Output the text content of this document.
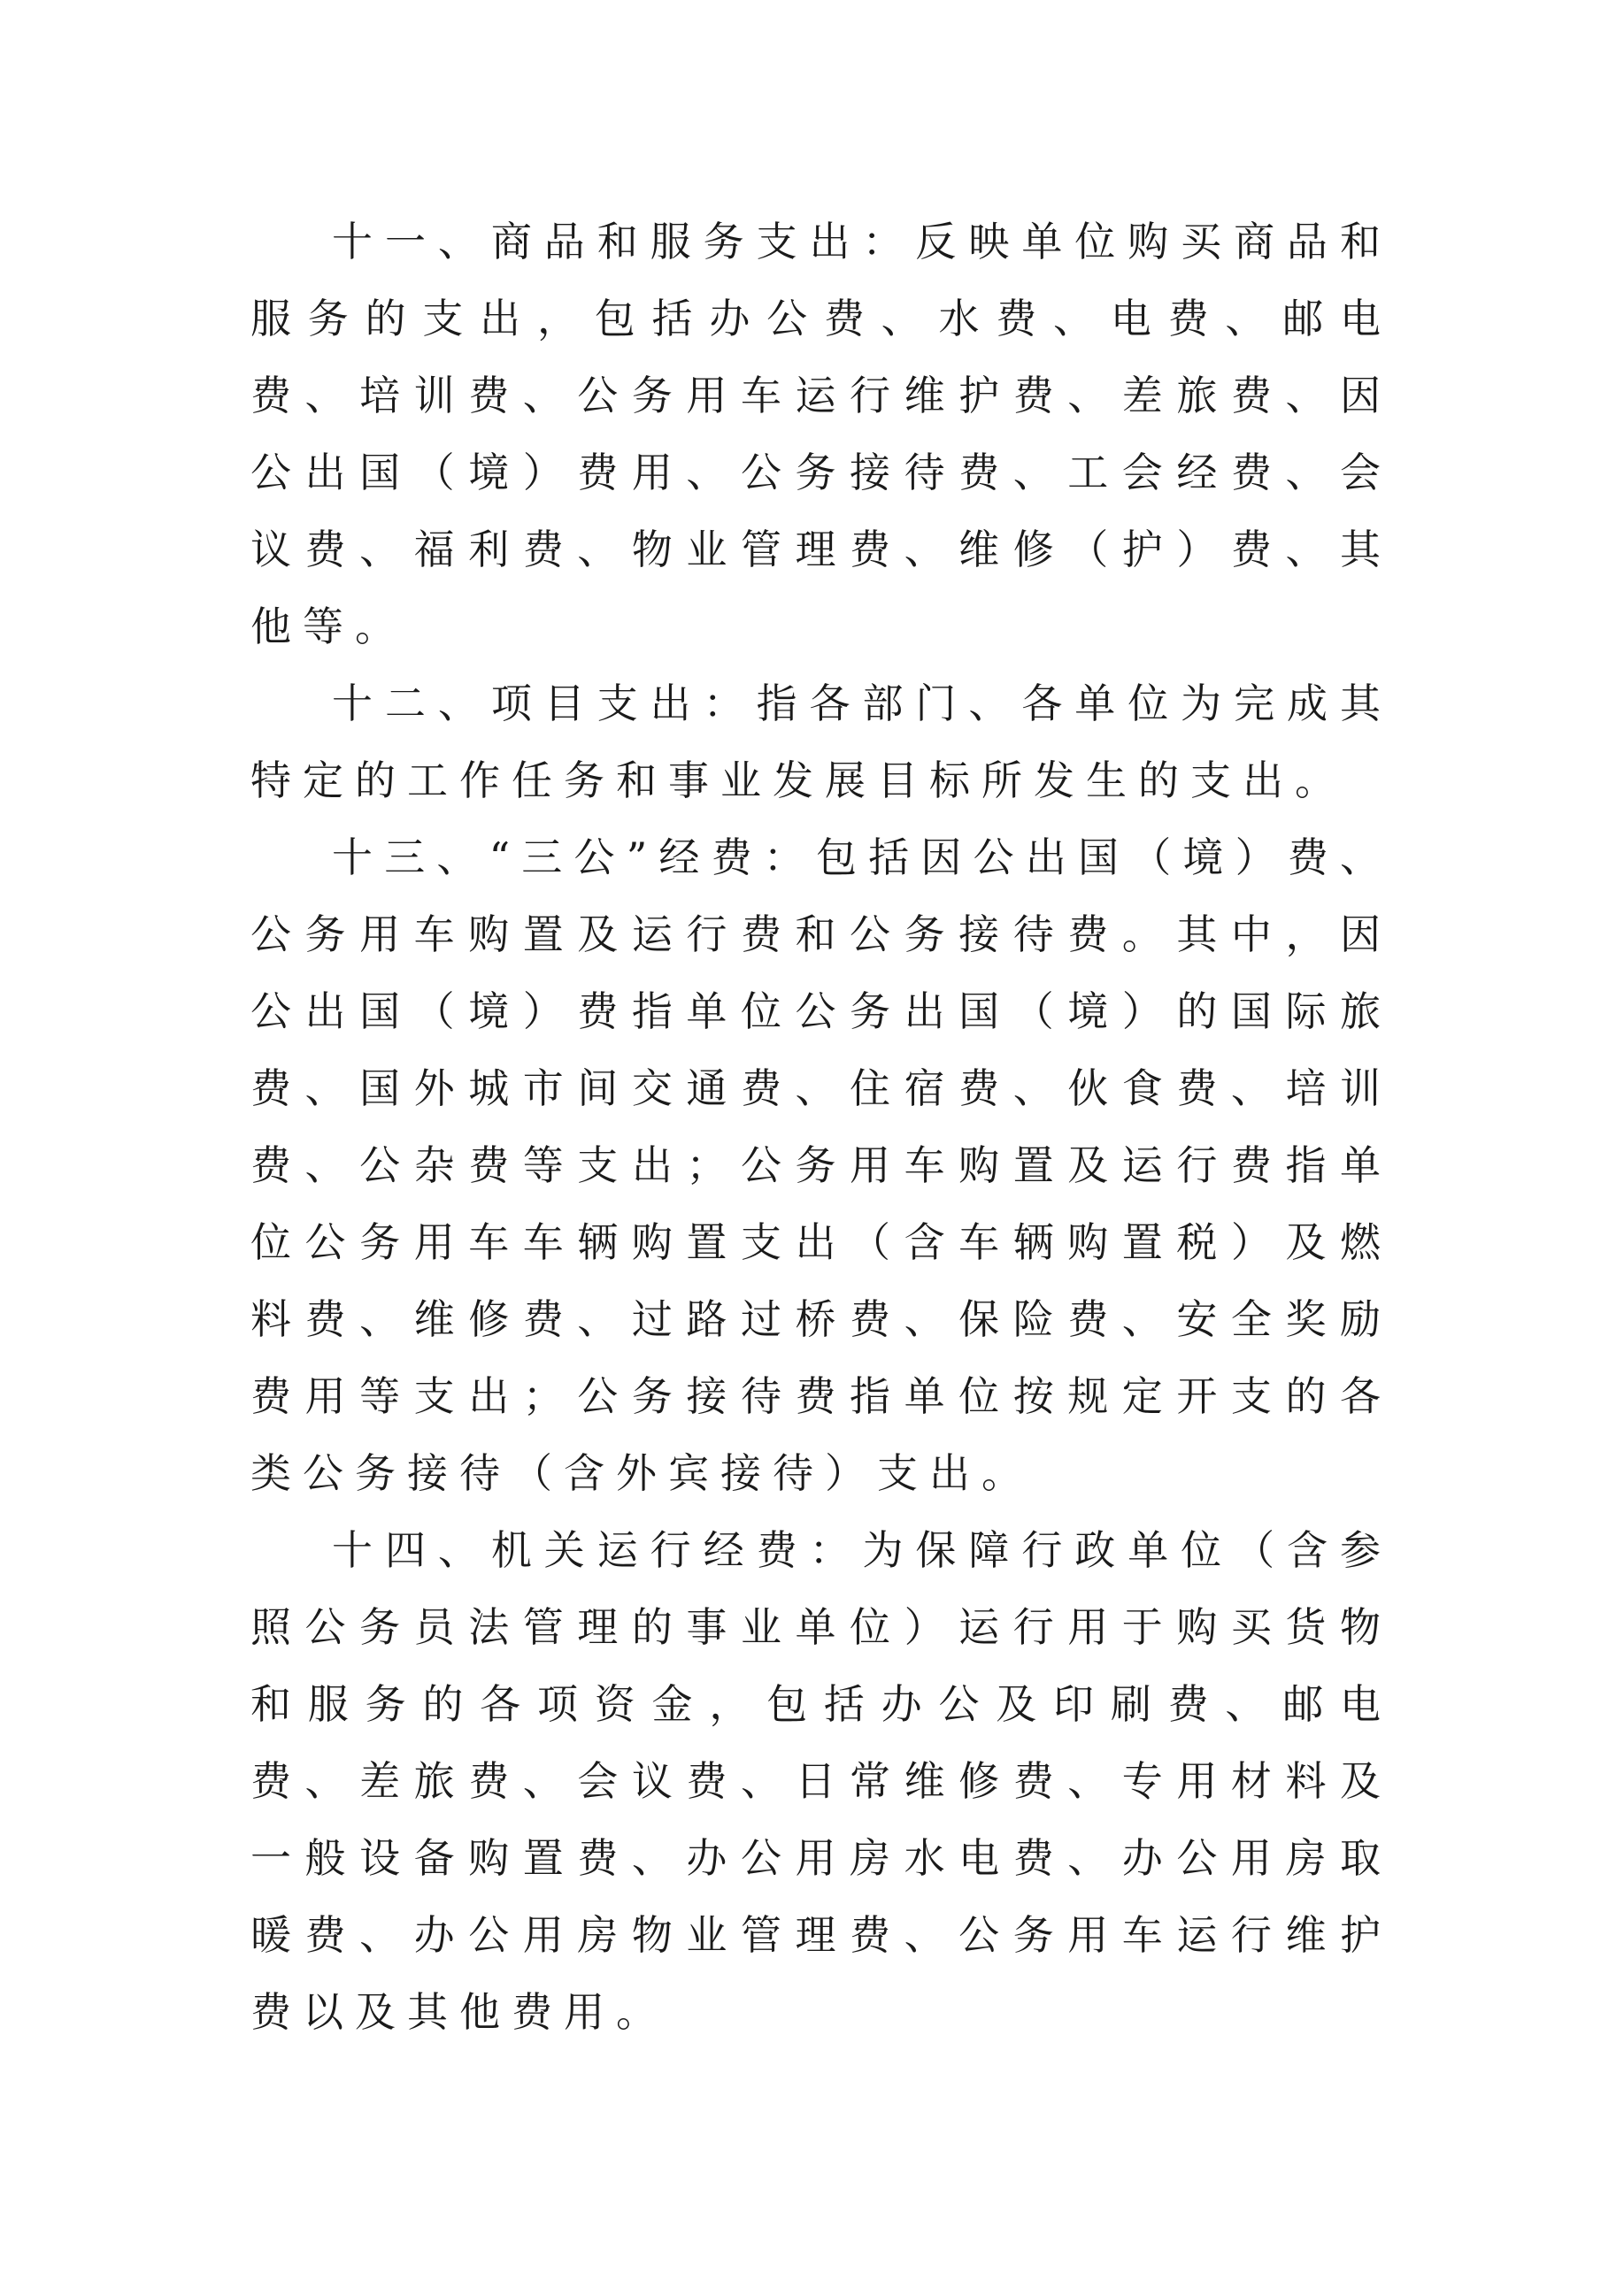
十一、商品和服务支出：反映单位购买商品和服务的支出，包括办公费、水费、电费、邮电费、培训费、公务用车运行维护费、差旅费、因公出国（境）费用、公务接待费、工会经费、会议费、福利费、物业管理费、维修（护）费、其他等。

十二、项目支出：指各部门、各单位为完成其特定的工作任务和事业发展目标所发生的支出。

十三、“三公”经费：包括因公出国（境）费、公务用车购置及运行费和公务接待费。其中，因公出国（境）费指单位公务出国（境）的国际旅费、国外城市间交通费、住宿费、伙食费、培训费、公杂费等支出；公务用车购置及运行费指单位公务用车车辆购置支出（含车辆购置税）及燃料费、维修费、过路过桥费、保险费、安全奖励费用等支出；公务接待费指单位按规定开支的各类公务接待（含外宾接待）支出。

十四、机关运行经费：为保障行政单位（含参照公务员法管理的事业单位）运行用于购买货物和服务的各项资金，包括办公及印刷费、邮电费、差旅费、会议费、日常维修费、专用材料及一般设备购置费、办公用房水电费、办公用房取暖费、办公用房物业管理费、公务用车运行维护费以及其他费用。
